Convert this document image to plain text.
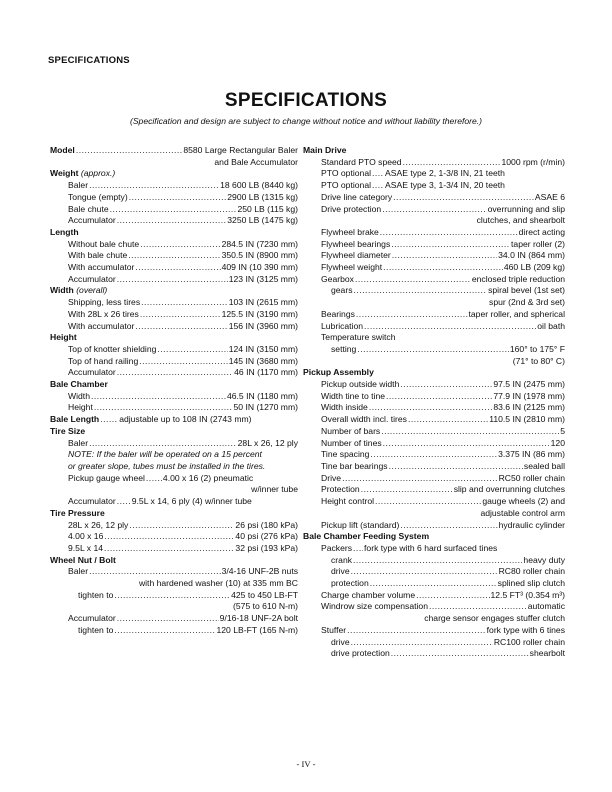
SPECIFICATIONS
SPECIFICATIONS
(Specification and design are subject to change without notice and without liability therefore.)
Model .....	8580 Large Rectangular Baler
and Bale Accumulator
Weight (approx.)
Baler .....	18 600 LB (8440 kg)
Tongue (empty) .....	2900 LB (1315 kg)
Bale chute .....	250 LB (115 kg)
Accumulator .....	3250 LB (1475 kg)
Length
Without bale chute .....	284.5 IN (7230 mm)
With bale chute .....	350.5 IN (8900 mm)
With accumulator .....	409 IN (10 390 mm)
Accumulator .....	123 IN (3125 mm)
Width (overall)
Shipping, less tires .....	103 IN (2615 mm)
With 28L x 26 tires .....	125.5 IN (3190 mm)
With accumulator .....	156 IN (3960 mm)
Height
Top of knotter shielding .....	124 IN (3150 mm)
Top of hand railing .....	145 IN (3680 mm)
Accumulator .....	46 IN (1170 mm)
Bale Chamber
Width .....	46.5 IN (1180 mm)
Height .....	50 IN (1270 mm)
Bale Length ..... adjustable up to 108 IN (2743 mm)
Tire Size
Baler .....	28L x 26, 12 ply
NOTE: If the baler will be operated on a 15 percent
or greater slope, tubes must be installed in the tires.
Pickup gauge wheel ..... 4.00 x 16 (2) pneumatic
w/inner tube
Accumulator ..... 9.5L x 14, 6 ply (4) w/inner tube
Tire Pressure
28L x 26, 12 ply .....	26 psi (180 kPa)
4.00 x 16 .....	40 psi (276 kPa)
9.5L x 14 .....	32 psi (193 kPa)
Wheel Nut / Bolt
Baler .....	3/4-16 UNF-2B nuts
with hardened washer (10) at 335 mm BC
tighten to .....	425 to 450 LB-FT
(575 to 610 N-m)
Accumulator .....	9/16-18 UNF-2A bolt
tighten to .....	120 LB-FT (165 N-m)
Main Drive
Standard PTO speed .....	1000 rpm (r/min)
PTO optional ..... ASAE type 2, 1-3/8 IN, 21 teeth
PTO optional ..... ASAE type 3, 1-3/4 IN, 20 teeth
Drive line category .....	ASAE 6
Drive protection .....	overrunning and slip
clutches, and shearbolt
Flywheel brake .....	direct acting
Flywheel bearings .....	taper roller (2)
Flywheel diameter .....	34.0 IN (864 mm)
Flywheel weight .....	460 LB (209 kg)
Gearbox .....	enclosed triple reduction
gears .....	spiral bevel (1st set)
spur (2nd & 3rd set)
Bearings .....	taper roller, and spherical
Lubrication .....	oil bath
Temperature switch
setting .....	160° to 175° F
(71° to 80° C)
Pickup Assembly
Pickup outside width .....	97.5 IN (2475 mm)
Width tine to tine .....	77.9 IN (1978 mm)
Width inside .....	83.6 IN (2125 mm)
Overall width incl. tires .....	110.5 IN (2810 mm)
Number of bars .....	5
Number of tines .....	120
Tine spacing .....	3.375 IN (86 mm)
Tine bar bearings .....	sealed ball
Drive .....	RC50 roller chain
Protection .....	slip and overrunning clutches
Height control .....	gauge wheels (2) and
adjustable control arm
Pickup lift (standard) .....	hydraulic cylinder
Bale Chamber Feeding System
Packers ..... fork type with 6 hard surfaced tines
crank .....	heavy duty
drive .....	RC80 roller chain
protection .....	splined slip clutch
Charge chamber volume .....	12.5 FT³ (0.354 m³)
Windrow size compensation .....	automatic
charge sensor engages stuffer clutch
Stuffer .....	fork type with 6 tines
drive .....	RC100 roller chain
drive protection .....	shearbolt
- IV -
